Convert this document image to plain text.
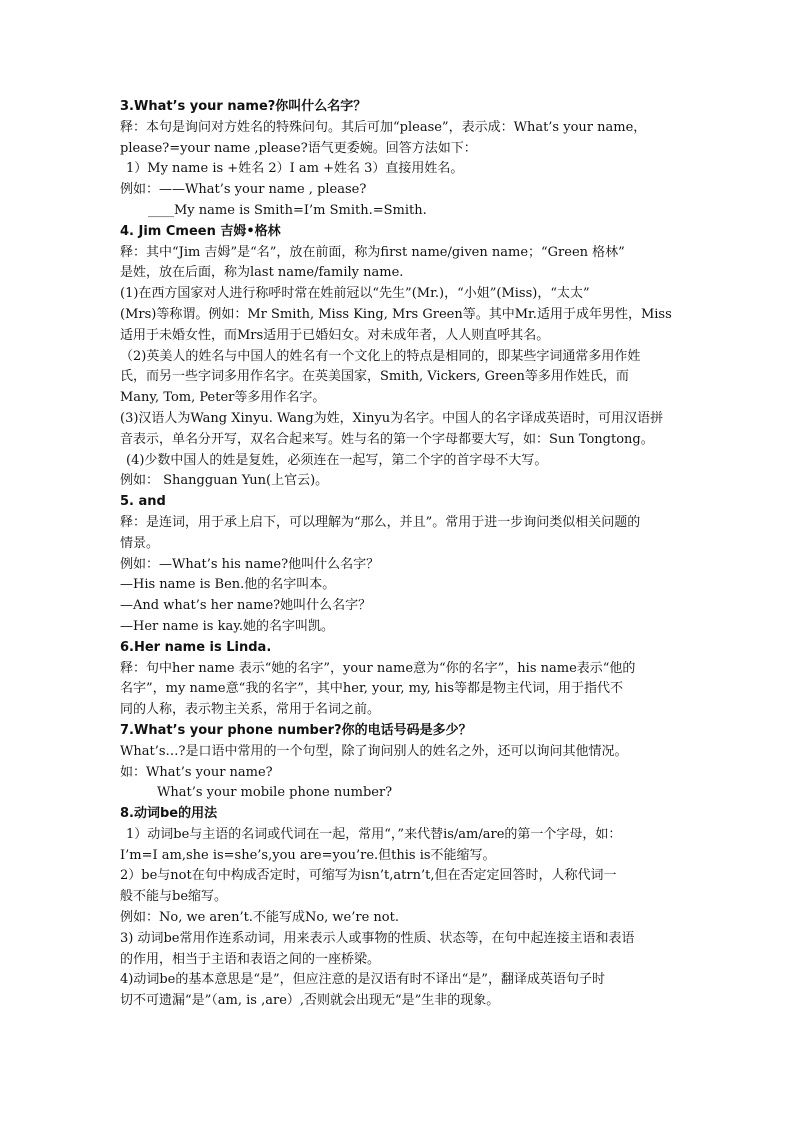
3.What’s your name?你叫什么名字？
释：本句是询问对方姓名的特殊问句。其后可加“please”，表示成：What’s your name，
please?=your name ,please?语气更委婉。回答方法如下：
1）My name is +姓名 2）I am +姓名 3）直接用姓名。
例如：——What’s your name , please?
____My name is Smith=I’m Smith.=Smith.
4. Jim Cmeen 吉姆•格林
释：其中“Jim 吉姆”是“名”，放在前面，称为first name/given name；“Green 格林”
是姓，放在后面，称为last name/family name.
(1)在西方国家对人进行称呼时常在姓前冠以“先生”(Mr.)，“小姐”(Miss)，“太太”
(Mrs)等称谓。例如：Mr Smith, Miss King, Mrs Green等。其中Mr.适用于成年男性，Miss
适用于未婚女性，而Mrs适用于已婚妇女。对未成年者，人人则直呼其名。
（2)英美人的姓名与中国人的姓名有一个文化上的特点是相同的，即某些字词通常多用作姓
氏，而另一些字词多用作名字。在英美国家，Smith, Vickers, Green等多用作姓氏，而
Many, Tom, Peter等多用作名字。
(3)汉语人为Wang Xinyu. Wang为姓，Xinyu为名字。中国人的名字译成英语时，可用汉语拼
音表示，单名分开写，双名合起来写。姓与名的第一个字母都要大写，如：Sun Tongtong。
(4)少数中国人的姓是复姓，必须连在一起写，第二个字的首字母不大写。
例如： Shangguan Yun(上官云)。
5. and
释：是连词，用于承上启下，可以理解为“那么，并且”。常用于进一步询问类似相关问题的
情景。
例如：—What’s his name?他叫什么名字？
—His name is Ben.他的名字叫本。
—And what’s her name?她叫什么名字？
—Her name is kay.她的名字叫凯。
6.Her name is Linda.
释：句中her name 表示“她的名字”，your name意为“你的名字”，his name表示“他的
名字”，my name意“我的名字”，其中her, your, my, his等都是物主代词，用于指代不
同的人称，表示物主关系，常用于名词之前。
7.What’s your phone number?你的电话号码是多少？
What’s…?是口语中常用的一个句型，除了询问别人的姓名之外，还可以询问其他情况。
如：What’s your name?
What’s your mobile phone number?
8.动词be的用法
1）动词be与主语的名词或代词在一起，常用“，”来代替is/am/are的第一个字母，如：
I’m=I am,she is=she’s,you are=you’re.但this is不能缩写。
2）be与not在句中构成否定时，可缩写为isn’t,atrn’t,但在否定定回答时，人称代词一
般不能与be缩写。
例如：No, we aren’t.不能写成No, we’re not.
3) 动词be常用作连系动词，用来表示人或事物的性质、状态等，在句中起连接主语和表语
的作用，相当于主语和表语之间的一座桥梁。
4)动词be的基本意思是“是”，但应注意的是汉语有时不译出“是”，翻译成英语句子时
切不可遗漏“是”（am, is ,are）,否则就会出现无“是”生非的现象。
